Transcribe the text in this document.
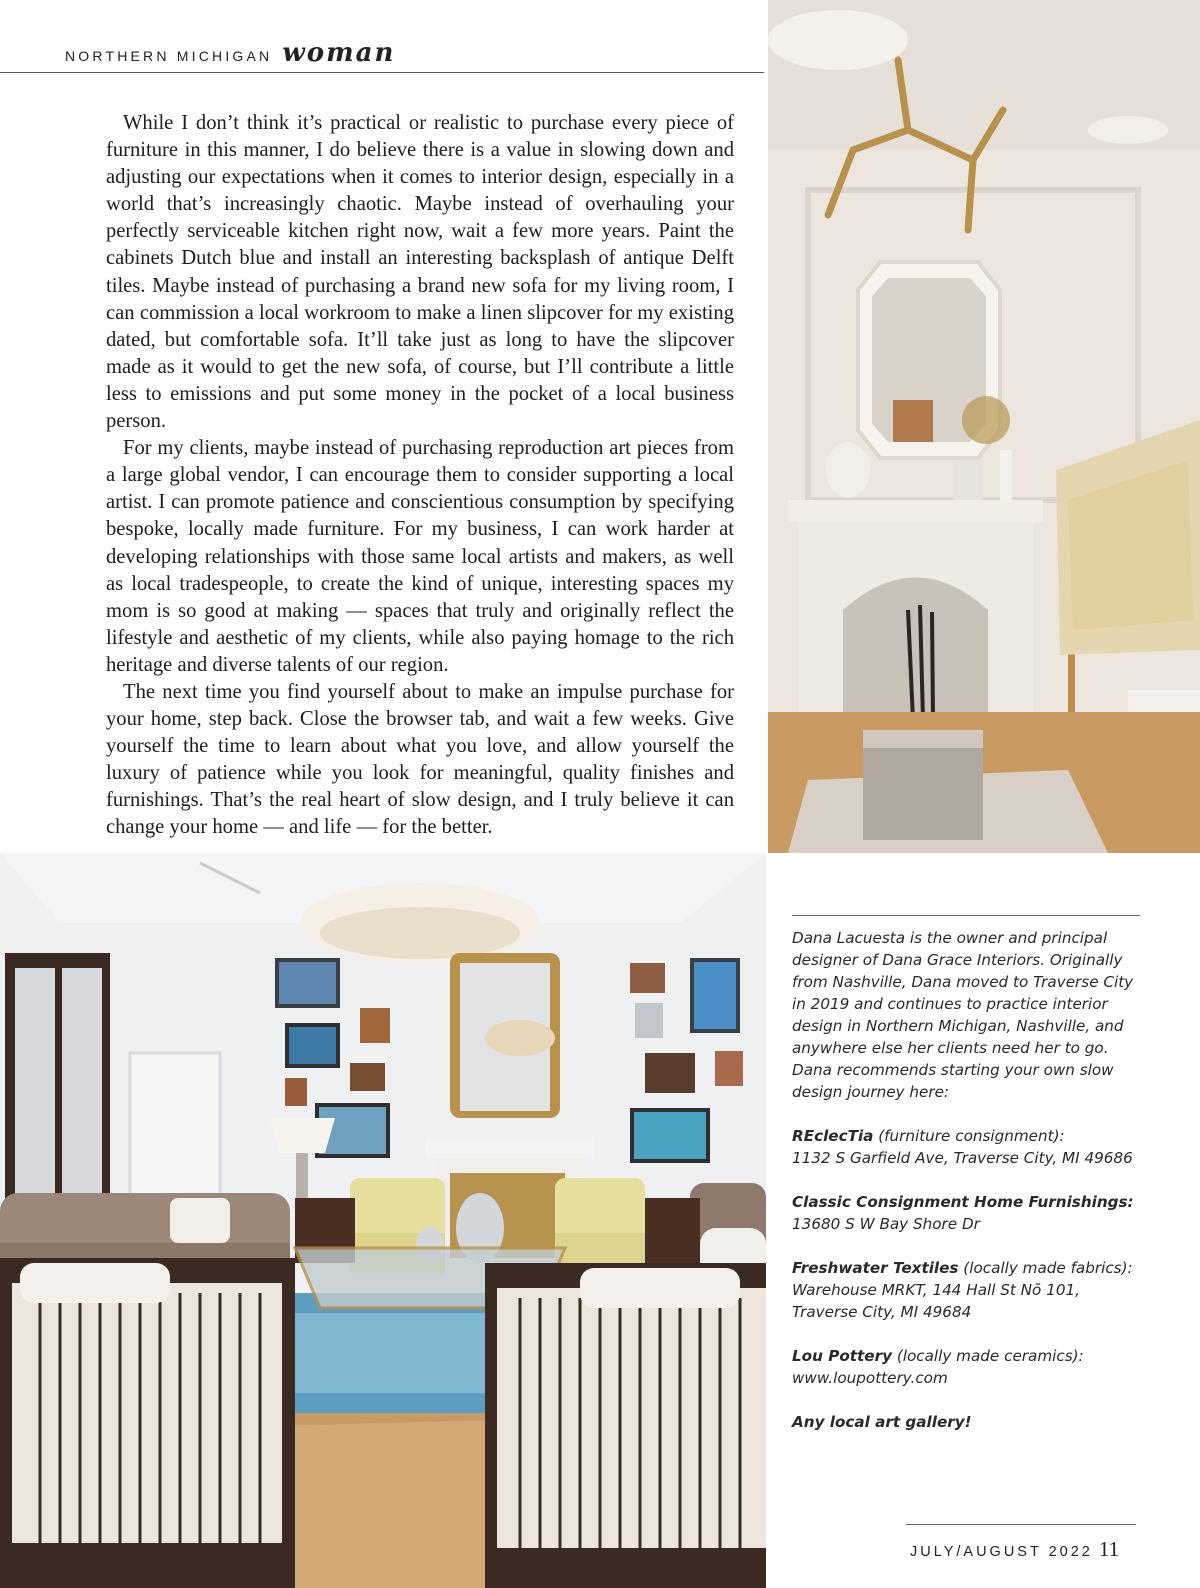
NORTHERN MICHIGAN woman

While I don’t think it’s practical or realistic to purchase every piece of furniture in this manner, I do believe there is a value in slowing down and adjusting our expectations when it comes to interior design, especially in a world that’s increasingly chaotic. Maybe instead of overhauling your perfectly serviceable kitchen right now, wait a few more years. Paint the cabinets Dutch blue and install an interesting backsplash of antique Delft tiles. Maybe instead of purchasing a brand new sofa for my living room, I can commission a local workroom to make a linen slipcover for my existing dated, but comfortable sofa. It’ll take just as long to have the slipcover made as it would to get the new sofa, of course, but I’ll contribute a little less to emissions and put some money in the pocket of a local business person.

For my clients, maybe instead of purchasing reproduction art pieces from a large global vendor, I can encourage them to consider supporting a local artist. I can promote patience and conscientious consumption by specifying bespoke, locally made furniture. For my business, I can work harder at developing relationships with those same local artists and makers, as well as local tradespeople, to create the kind of unique, interesting spaces my mom is so good at making — spaces that truly and originally reflect the lifestyle and aesthetic of my clients, while also paying homage to the rich heritage and diverse talents of our region.

The next time you find yourself about to make an impulse purchase for your home, step back. Close the browser tab, and wait a few weeks. Give yourself the time to learn about what you love, and allow yourself the luxury of patience while you look for meaningful, quality finishes and furnishings. That’s the real heart of slow design, and I truly believe it can change your home — and life — for the better.

Dana Lacuesta is the owner and principal designer of Dana Grace Interiors. Originally from Nashville, Dana moved to Traverse City in 2019 and continues to practice interior design in Northern Michigan, Nashville, and anywhere else her clients need her to go. Dana recommends starting your own slow design journey here:

REclecTia (furniture consignment):
1132 S Garfield Ave, Traverse City, MI 49686

Classic Consignment Home Furnishings:
13680 S W Bay Shore Dr

Freshwater Textiles (locally made fabrics):
Warehouse MRKT, 144 Hall St Nō 101, Traverse City, MI 49684

Lou Pottery (locally made ceramics):
www.loupottery.com

Any local art gallery!

JULY/AUGUST 2022 11
